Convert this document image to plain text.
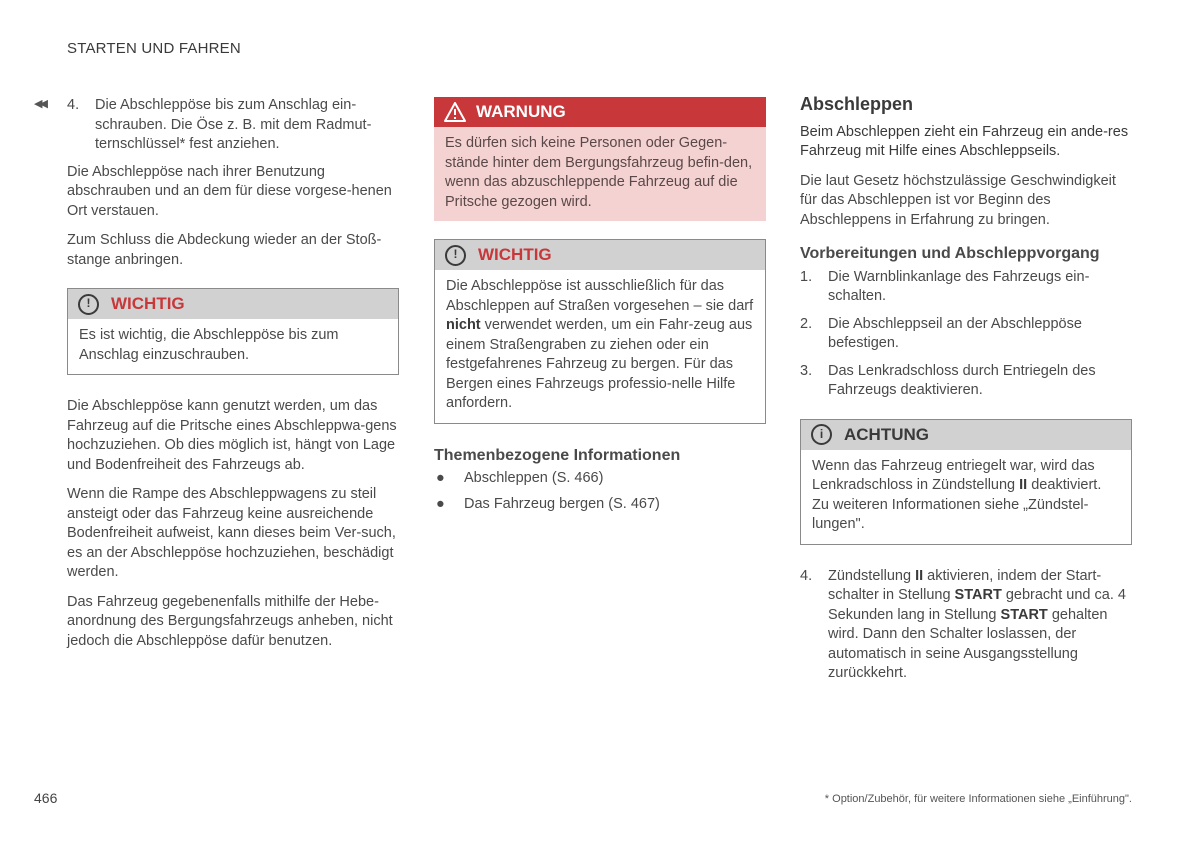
STARTEN UND FAHREN
◀◀ 4.	Die Abschleppöse bis zum Anschlag ein-schrauben. Die Öse z. B. mit dem Radmut-ternschlüssel* fest anziehen.

Die Abschleppöse nach ihrer Benutzung abschrauben und an dem für diese vorgese-henen Ort verstauen.

Zum Schluss die Abdeckung wieder an der Stoß-stange anbringen.

!	WICHTIG
Es ist wichtig, die Abschleppöse bis zum Anschlag einzuschrauben.

Die Abschleppöse kann genutzt werden, um das Fahrzeug auf die Pritsche eines Abschleppwa-gens hochzuziehen. Ob dies möglich ist, hängt von Lage und Bodenfreiheit des Fahrzeugs ab.

Wenn die Rampe des Abschleppwagens zu steil ansteigt oder das Fahrzeug keine ausreichende Bodenfreiheit aufweist, kann dieses beim Ver-such, es an der Abschleppöse hochzuziehen, beschädigt werden.

Das Fahrzeug gegebenenfalls mithilfe der Hebe-anordnung des Bergungsfahrzeugs anheben, nicht jedoch die Abschleppöse dafür benutzen.

WARNUNG
Es dürfen sich keine Personen oder Gegen-stände hinter dem Bergungsfahrzeug befin-den, wenn das abzuschleppende Fahrzeug auf die Pritsche gezogen wird.
!	WICHTIG
Die Abschleppöse ist ausschließlich für das Abschleppen auf Straßen vorgesehen – sie darf nicht verwendet werden, um ein Fahr-zeug aus einem Straßengraben zu ziehen oder ein festgefahrenes Fahrzeug zu bergen. Für das Bergen eines Fahrzeugs professio-nelle Hilfe anfordern.
Themenbezogene Informationen
●	Abschleppen (S. 466)
●	Das Fahrzeug bergen (S. 467)
Abschleppen

Beim Abschleppen zieht ein Fahrzeug ein ande-res Fahrzeug mit Hilfe eines Abschleppseils.

Die laut Gesetz höchstzulässige Geschwindigkeit für das Abschleppen ist vor Beginn des Abschleppens in Erfahrung zu bringen.

Vorbereitungen und Abschleppvorgang
1.	Die Warnblinkanlage des Fahrzeugs ein-schalten.
2.	Die Abschleppseil an der Abschleppöse befestigen.
3.	Das Lenkradschloss durch Entriegeln des Fahrzeugs deaktivieren.
i	ACHTUNG
Wenn das Fahrzeug entriegelt war, wird das Lenkradschloss in Zündstellung II deaktiviert. Zu weiteren Informationen siehe „Zündstel-lungen".
4.	Zündstellung II aktivieren, indem der Start-schalter in Stellung START gebracht und ca. 4 Sekunden lang in Stellung START gehalten wird. Dann den Schalter loslassen, der automatisch in seine Ausgangsstellung zurückkehrt.
466	* Option/Zubehör, für weitere Informationen siehe „Einführung".
